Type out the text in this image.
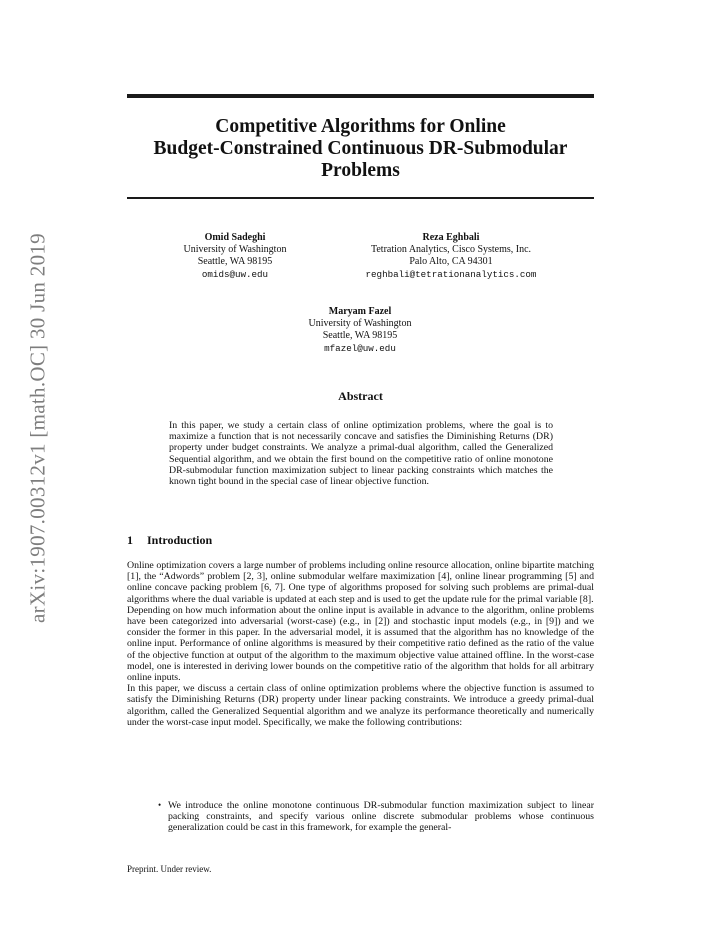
arXiv:1907.00312v1 [math.OC] 30 Jun 2019
Competitive Algorithms for Online
Budget-Constrained Continuous DR-Submodular
Problems
Omid Sadeghi
University of Washington
Seattle, WA 98195
omids@uw.edu
Reza Eghbali
Tetration Analytics, Cisco Systems, Inc.
Palo Alto, CA 94301
reghbali@tetrationanalytics.com
Maryam Fazel
University of Washington
Seattle, WA 98195
mfazel@uw.edu
Abstract
In this paper, we study a certain class of online optimization problems, where the goal is to maximize a function that is not necessarily concave and satisfies the Diminishing Returns (DR) property under budget constraints. We analyze a primal-dual algorithm, called the Generalized Sequential algorithm, and we obtain the first bound on the competitive ratio of online monotone DR-submodular function maximization subject to linear packing constraints which matches the known tight bound in the special case of linear objective function.
1 Introduction

Online optimization covers a large number of problems including online resource allocation, online bipartite matching [1], the “Adwords” problem [2, 3], online submodular welfare maximization [4], online linear programming [5] and online concave packing problem [6, 7]. One type of algorithms proposed for solving such problems are primal-dual algorithms where the dual variable is updated at each step and is used to get the update rule for the primal variable [8].

Depending on how much information about the online input is available in advance to the algorithm, online problems have been categorized into adversarial (worst-case) (e.g., in [2]) and stochastic input models (e.g., in [9]) and we consider the former in this paper. In the adversarial model, it is assumed that the algorithm has no knowledge of the online input. Performance of online algorithms is measured by their competitive ratio defined as the ratio of the value of the objective function at output of the algorithm to the maximum objective value attained offline. In the worst-case model, one is interested in deriving lower bounds on the competitive ratio of the algorithm that holds for all arbitrary online inputs.

In this paper, we discuss a certain class of online optimization problems where the objective function is assumed to satisfy the Diminishing Returns (DR) property under linear packing constraints. We introduce a greedy primal-dual algorithm, called the Generalized Sequential algorithm and we analyze its performance theoretically and numerically under the worst-case input model. Specifically, we make the following contributions:

• We introduce the online monotone continuous DR-submodular function maximization subject to linear packing constraints, and specify various online discrete submodular problems whose continuous generalization could be cast in this framework, for example the general-
Preprint. Under review.
